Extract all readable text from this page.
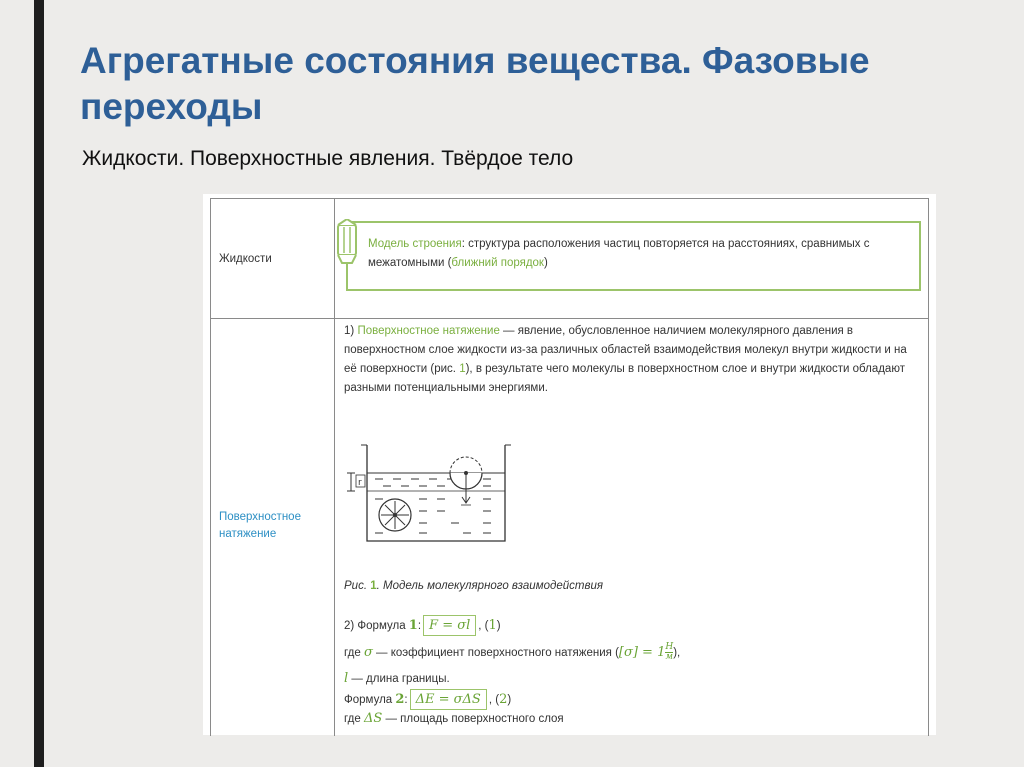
Агрегатные состояния вещества. Фазовые переходы
Жидкости. Поверхностные явления. Твёрдое тело
Жидкости
Модель строения: структура расположения частиц повторяется на расстояниях, сравнимых с межатомными (ближний порядок)
Поверхностное натяжение
1) Поверхностное натяжение — явление, обусловленное наличием молекулярного давления в поверхностном слое жидкости из-за различных областей взаимодействия молекул внутри жидкости и на её поверхности (рис. 1), в результате чего молекулы в поверхностном слое и внутри жидкости обладают разными потенциальными энергиями.
r
Рис. 1. Модель молекулярного взаимодействия
2) Формула 1: F = σl , (1)
где σ — коэффициент поверхностного натяжения ([σ] = 1 Н
м ),
l — длина границы.
Формула 2: ΔE = σΔS , (2)
где ΔS — площадь поверхностного слоя
